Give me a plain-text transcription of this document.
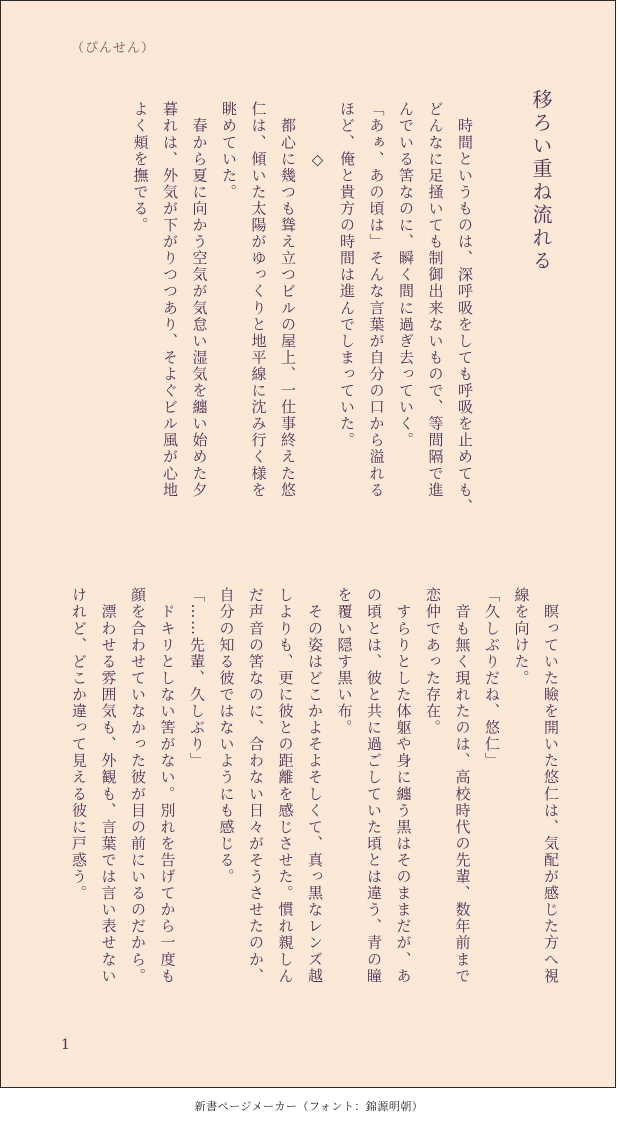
（ぴんせん）
移ろい重ね流れる

　時間というものは、深呼吸をしても呼吸を止めても、

どんなに足掻いても制御出来ないもので、等間隔で進

んでいる筈なのに、瞬く間に過ぎ去っていく。

「あぁ、あの頃は」そんな言葉が自分の口から溢れる

ほど、俺と貴方の時間は進んでしまっていた。

　　　◇

　都心に幾つも聳え立つビルの屋上、一仕事終えた悠

仁は、傾いた太陽がゆっくりと地平線に沈み行く様を

眺めていた。

　春から夏に向かう空気が気怠い湿気を纏い始めた夕

暮れは、外気が下がりつつあり、そよぐビル風が心地

よく頬を撫でる。

　瞑っていた瞼を開いた悠仁は、気配が感じた方へ視

線を向けた。

「久しぶりだね、悠仁」

　音も無く現れたのは、高校時代の先輩、数年前まで

恋仲であった存在。

　すらりとした体躯や身に纏う黒はそのままだが、あ

の頃とは、彼と共に過ごしていた頃とは違う、青の瞳

を覆い隠す黒い布。

　その姿はどこかよそよそしくて、真っ黒なレンズ越

しよりも、更に彼との距離を感じさせた。慣れ親しん

だ声音の筈なのに、合わない日々がそうさせたのか、

自分の知る彼ではないようにも感じる。

「……先輩、久しぶり」

　ドキリとしない筈がない。別れを告げてから一度も

顔を合わせていなかった彼が目の前にいるのだから。

　漂わせる雰囲気も、外観も、言葉では言い表せない

けれど、どこか違って見える彼に戸惑う。

1
新書ページメーカー（フォント：錦源明朝）
